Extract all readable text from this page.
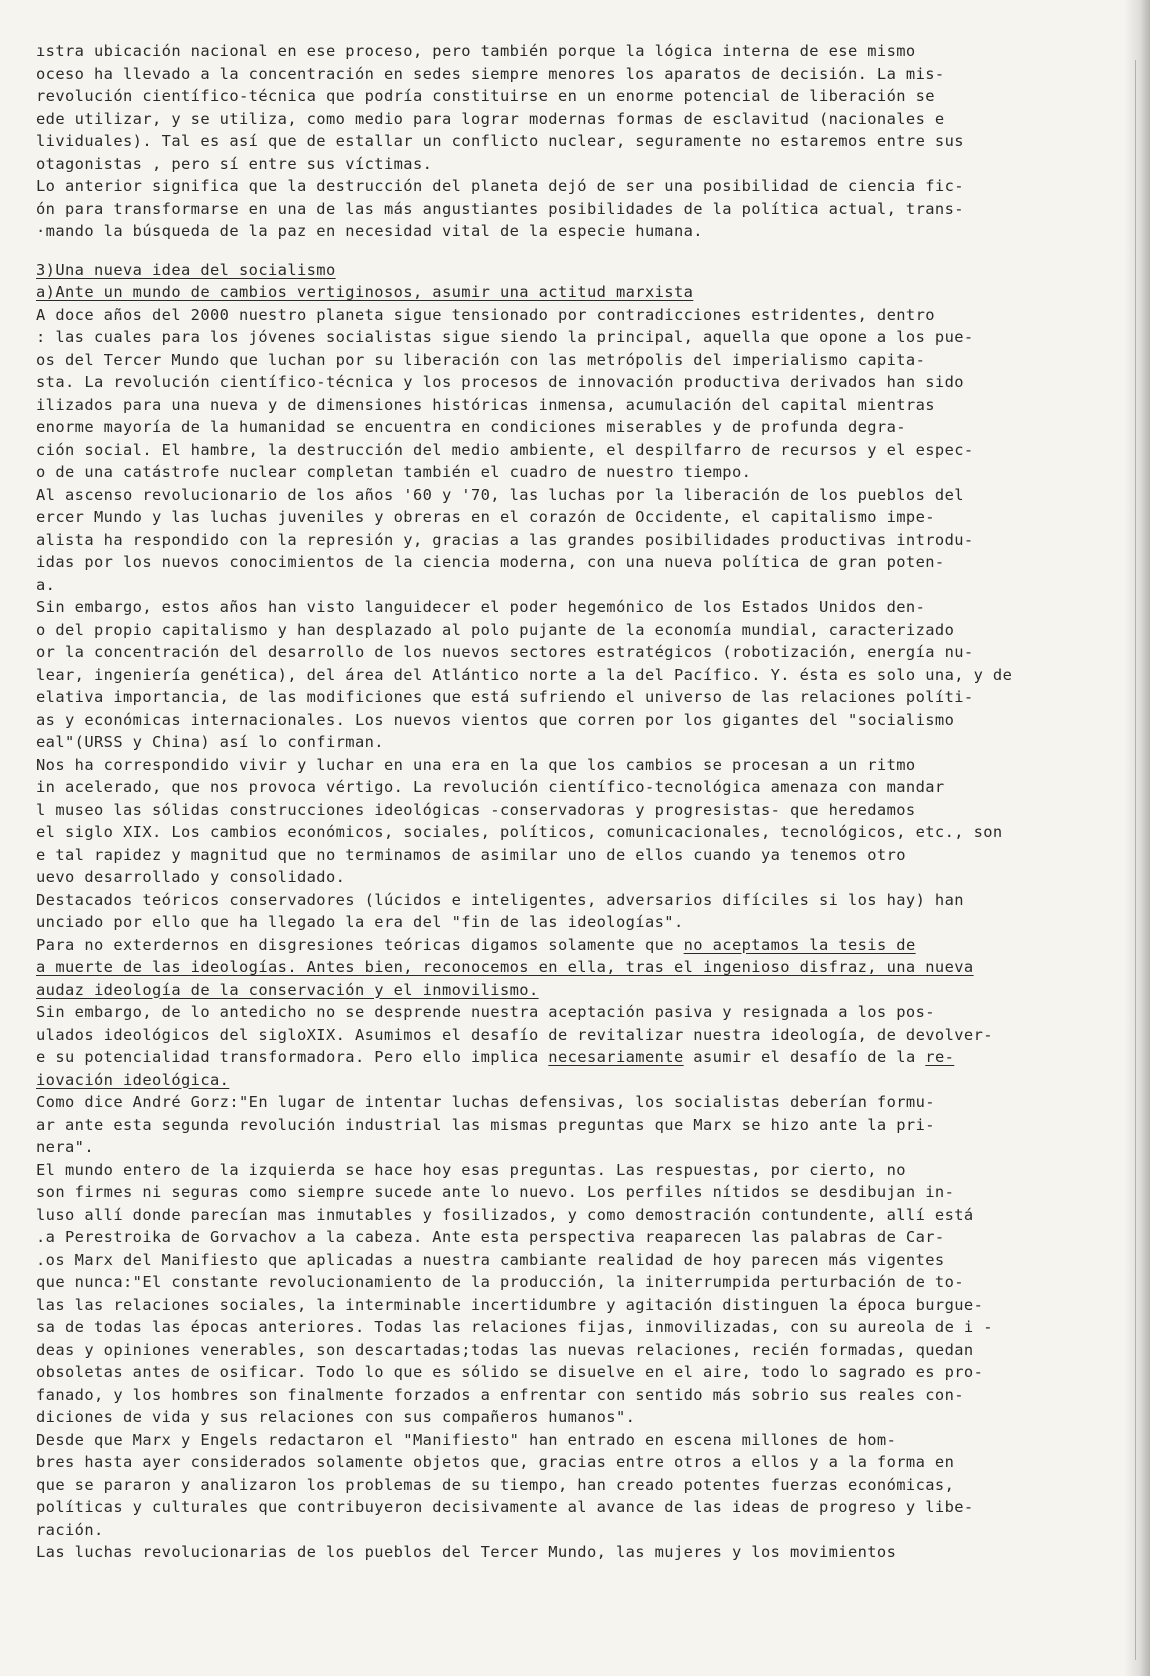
ıstra ubicación nacional en ese proceso, pero también porque la lógica interna de ese mismo
oceso ha llevado a la concentración en sedes siempre menores los aparatos de decisión. La mis-
revolución científico-técnica que podría constituirse en un enorme potencial de liberación se
ede utilizar, y se utiliza, como medio para lograr modernas formas de esclavitud (nacionales e
lividuales). Tal es así que de estallar un conflicto nuclear, seguramente no estaremos entre sus
otagonistas , pero sí entre sus víctimas.
Lo anterior significa que la destrucción del planeta dejó de ser una posibilidad de ciencia fic-
ón para transformarse en una de las más angustiantes posibilidades de la política actual, trans-
·mando la búsqueda de la paz en necesidad vital de la especie humana.
3)Una nueva idea del socialismo
a)Ante un mundo de cambios vertiginosos, asumir una actitud marxista
A doce años del 2000 nuestro planeta sigue tensionado por contradicciones estridentes, dentro
: las cuales para los jóvenes socialistas sigue siendo la principal, aquella que opone a los pue-
os del Tercer Mundo que luchan por su liberación con las metrópolis del imperialismo capita-
sta. La revolución científico-técnica y los procesos de innovación productiva derivados han sido
ilizados para una nueva y de dimensiones históricas inmensa, acumulación del capital mientras
enorme mayoría de la humanidad se encuentra en condiciones miserables y de profunda degra-
ción social. El hambre, la destrucción del medio ambiente, el despilfarro de recursos y el espec-
o de una catástrofe nuclear completan también el cuadro de nuestro tiempo.
Al ascenso revolucionario de los años '60 y '70, las luchas por la liberación de los pueblos del
ercer Mundo y las luchas juveniles y obreras en el corazón de Occidente, el capitalismo impe-
alista ha respondido con la represión y, gracias a las grandes posibilidades productivas introdu-
idas por los nuevos conocimientos de la ciencia moderna, con una nueva política de gran poten-
a.
Sin embargo, estos años han visto languidecer el poder hegemónico de los Estados Unidos den-
o del propio capitalismo y han desplazado al polo pujante de la economía mundial, caracterizado
or la concentración del desarrollo de los nuevos sectores estratégicos (robotización, energía nu-
lear, ingeniería genética), del área del Atlántico norte a la del Pacífico. Y. ésta es solo una, y de
elativa importancia, de las modificiones que está sufriendo el universo de las relaciones políti-
as y económicas internacionales. Los nuevos vientos que corren por los gigantes del "socialismo
eal"(URSS y China) así lo confirman.
Nos ha correspondido vivir y luchar en una era en la que los cambios se procesan a un ritmo
in acelerado, que nos provoca vértigo. La revolución científico-tecnológica amenaza con mandar
l museo las sólidas construcciones ideológicas -conservadoras y progresistas- que heredamos
el siglo XIX. Los cambios económicos, sociales, políticos, comunicacionales, tecnológicos, etc., son
e tal rapidez y magnitud que no terminamos de asimilar uno de ellos cuando ya tenemos otro
uevo desarrollado y consolidado.
Destacados teóricos conservadores (lúcidos e inteligentes, adversarios difíciles si los hay) han
unciado por ello que ha llegado la era del "fin de las ideologías".
Para no exterdernos en disgresiones teóricas digamos solamente que no aceptamos la tesis de
a muerte de las ideologías. Antes bien, reconocemos en ella, tras el ingenioso disfraz, una nueva
audaz ideología de la conservación y el inmovilismo.
Sin embargo, de lo antedicho no se desprende nuestra aceptación pasiva y resignada a los pos-
ulados ideológicos del sigloXIX. Asumimos el desafío de revitalizar nuestra ideología, de devolver-
e su potencialidad transformadora. Pero ello implica necesariamente asumir el desafío de la re-
iovación ideológica.
Como dice André Gorz:"En lugar de intentar luchas defensivas, los socialistas deberían formu-
ar ante esta segunda revolución industrial las mismas preguntas que Marx se hizo ante la pri-
nera".
El mundo entero de la izquierda se hace hoy esas preguntas. Las respuestas, por cierto, no
son firmes ni seguras como siempre sucede ante lo nuevo. Los perfiles nítidos se desdibujan in-
luso allí donde parecían mas inmutables y fosilizados, y como demostración contundente, allí está
.a Perestroika de Gorvachov a la cabeza. Ante esta perspectiva reaparecen las palabras de Car-
.os Marx del Manifiesto que aplicadas a nuestra cambiante realidad de hoy parecen más vigentes
que nunca:"El constante revolucionamiento de la producción, la initerrumpida perturbación de to-
las las relaciones sociales, la interminable incertidumbre y agitación distinguen la época burgue-
sa de todas las épocas anteriores. Todas las relaciones fijas, inmovilizadas, con su aureola de i -
deas y opiniones venerables, son descartadas;todas las nuevas relaciones, recién formadas, quedan
obsoletas antes de osificar. Todo lo que es sólido se disuelve en el aire, todo lo sagrado es pro-
fanado, y los hombres son finalmente forzados a enfrentar con sentido más sobrio sus reales con-
diciones de vida y sus relaciones con sus compañeros humanos".
Desde que Marx y Engels redactaron el "Manifiesto" han entrado en escena millones de hom-
bres hasta ayer considerados solamente objetos que, gracias entre otros a ellos y a la forma en
que se pararon y analizaron los problemas de su tiempo, han creado potentes fuerzas económicas,
políticas y culturales que contribuyeron decisivamente al avance de las ideas de progreso y libe-
ración.
Las luchas revolucionarias de los pueblos del Tercer Mundo, las mujeres y los movimientos
